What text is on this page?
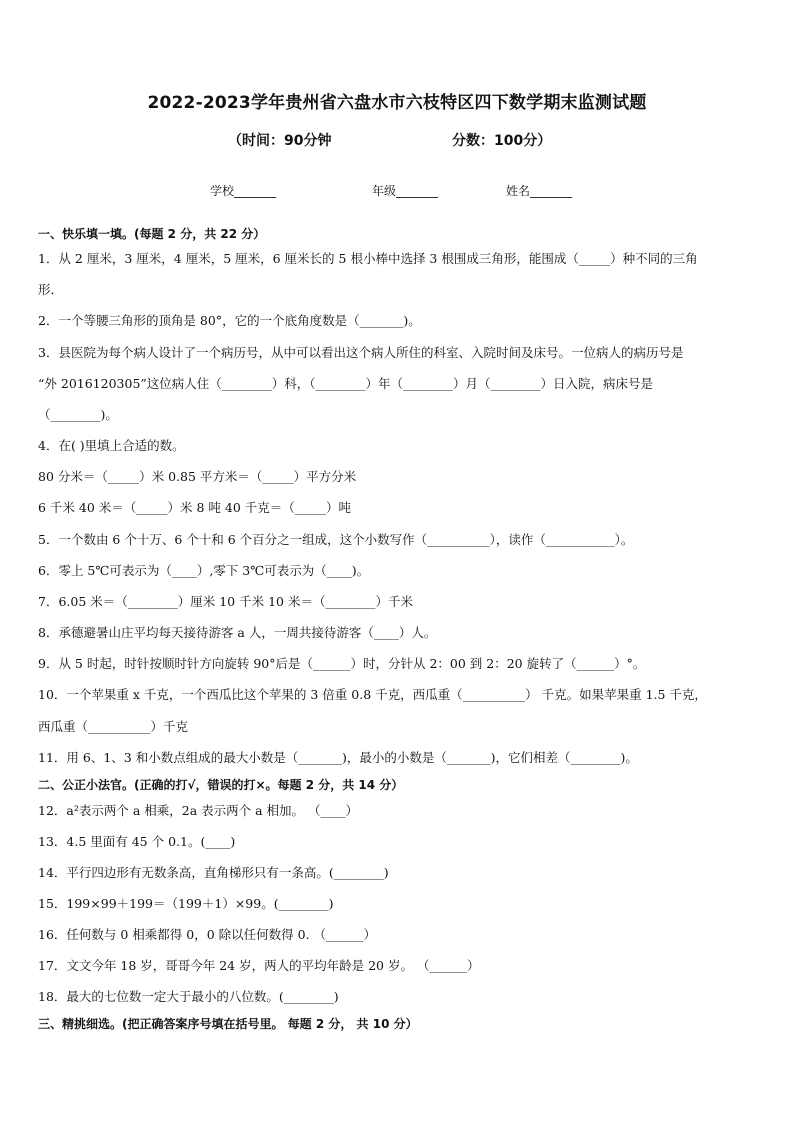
2022-2023学年贵州省六盘水市六枝特区四下数学期末监测试题
（时间：90分钟	分数：100分）
学校_______	年级_______	姓名_______
一、快乐填一填。(每题 2 分，共 22 分）
1．从 2 厘米，3 厘米，4 厘米，5 厘米，6 厘米长的 5 根小棒中选择 3 根围成三角形，能围成（_____）种不同的三角
形．
2．一个等腰三角形的顶角是 80°，它的一个底角度数是（_______)。
3．县医院为每个病人设计了一个病历号，从中可以看出这个病人所住的科室、入院时间及床号。一位病人的病历号是
“外 2016120305”这位病人住（________）科，（________）年（________）月（________）日入院，病床号是
（________)。
4．在( )里填上合适的数。
80 分米＝（_____）米 0.85 平方米＝（_____）平方分米
6 千米 40 米＝（_____）米 8 吨 40 千克＝（_____）吨
5．一个数由 6 个十万、6 个十和 6 个百分之一组成，这个小数写作（__________），读作（___________）。
6．零上 5℃可表示为（____）,零下 3℃可表示为（____)。
7．6.05 米＝（________）厘米 10 千米 10 米＝（________）千米
8．承德避暑山庄平均每天接待游客 a 人，一周共接待游客（____）人。
9．从 5 时起，时针按顺时针方向旋转 90°后是（______）时，分针从 2：00 到 2：20 旋转了（______）°。
10．一个苹果重 x 千克，一个西瓜比这个苹果的 3 倍重 0.8 千克，西瓜重（__________） 千克。如果苹果重 1.5 千克，
西瓜重（__________）千克
11．用 6、1、3 和小数点组成的最大小数是（_______)，最小的小数是（_______)，它们相差（________)。
二、公正小法官。(正确的打√，错误的打×。每题 2 分，共 14 分）
12．a²表示两个 a 相乘，2a 表示两个 a 相加。 （____）
13．4.5 里面有 45 个 0.1。(____)
14．平行四边形有无数条高，直角梯形只有一条高。(________)
15．199×99＋199＝（199＋1）×99。(________)
16．任何数与 0 相乘都得 0，0 除以任何数得 0. （______）
17．文文今年 18 岁，哥哥今年 24 岁，两人的平均年龄是 20 岁。 （______）
18．最大的七位数一定大于最小的八位数。(________)
三、精挑细选。(把正确答案序号填在括号里。 每题 2 分， 共 10 分）
